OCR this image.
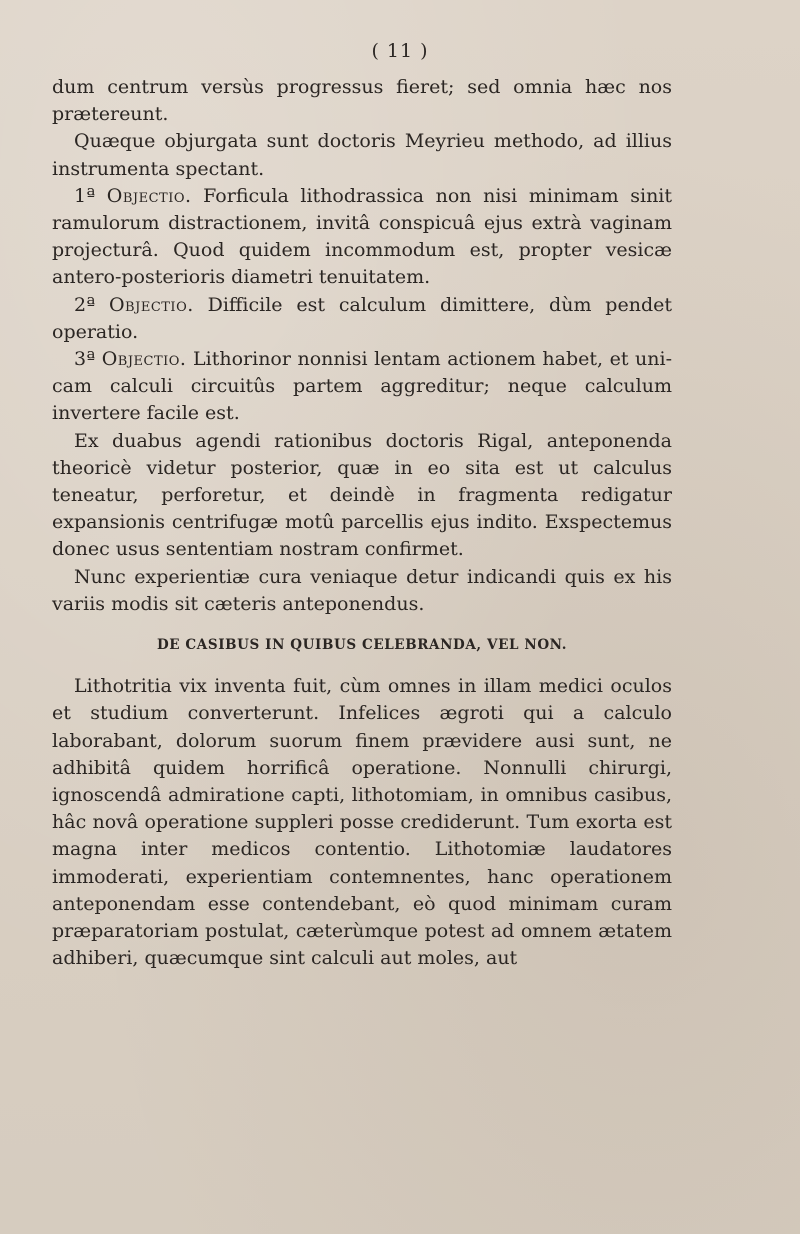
( 11 )

dum centrum versùs progressus fieret; sed omnia hæc nos prætereunt.

Quæque objurgata sunt doctoris Meyrieu methodo, ad illius instrumenta spectant.

1ª Objectio. Forficula lithodrassica non nisi minimam sinit ramulorum distractionem, invitâ conspicuâ ejus extrà vaginam projecturâ. Quod quidem incommodum est, propter vesicæ antero-posterioris diametri tenuitatem.

2ª Objectio. Difficile est calculum dimittere, dùm pendet operatio.

3ª Objectio. Lithorinor nonnisi lentam actionem habet, et unicam calculi circuitûs partem aggreditur; neque calculum invertere facile est.

Ex duabus agendi rationibus doctoris Rigal, anteponenda theoricè videtur posterior, quæ in eo sita est ut calculus teneatur, perforetur, et deindè in fragmenta redigatur expansionis centrifugæ motû parcellis ejus indito. Exspectemus donec usus sententiam nostram confirmet.

Nunc experientiæ cura veniaque detur indicandi quis ex his variis modis sit cæteris anteponendus.

DE CASIBUS IN QUIBUS CELEBRANDA, VEL NON.

Lithotritia vix inventa fuit, cùm omnes in illam medici oculos et studium converterunt. Infelices ægroti qui a calculo laborabant, dolorum suorum finem prævidere ausi sunt, ne adhibitâ quidem horrificâ operatione. Nonnulli chirurgi, ignoscendâ admiratione capti, lithotomiam, in omnibus casibus, hâc novâ operatione suppleri posse crediderunt. Tum exorta est magna inter medicos contentio. Lithotomiæ laudatores immoderati, experientiam contemnentes, hanc operationem anteponendam esse contendebant, eò quod minimam curam præparatoriam postulat, cæterùmque potest ad omnem ætatem adhiberi, quæcumque sint calculi aut moles, aut
